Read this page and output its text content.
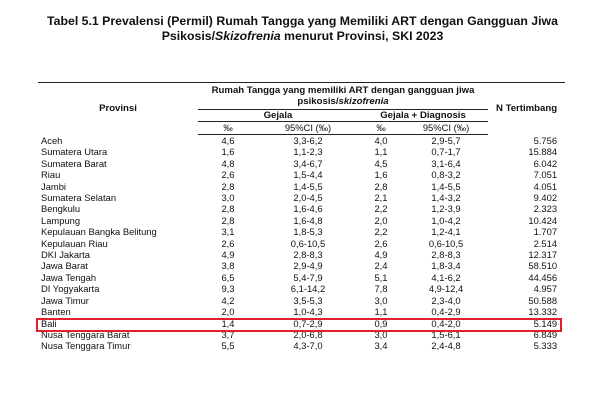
Tabel 5.1 Prevalensi (Permil) Rumah Tangga yang Memiliki ART dengan Gangguan Jiwa
Psikosis/Skizofrenia menurut Provinsi, SKI 2023
Provinsi	Rumah Tangga yang memiliki ART dengan gangguan jiwa
psikosis/skizofrenia				N Tertimbang
	Gejala		Gejala + Diagnosis		
	‰	95%CI (‰)	‰	95%CI (‰)	
Aceh	4,6	3,3-6,2	4,0	2,9-5,7	5.756
Sumatera Utara	1,6	1,1-2,3	1,1	0,7-1,7	15.884
Sumatera Barat	4,8	3,4-6,7	4,5	3,1-6,4	6.042
Riau	2,6	1,5-4,4	1,6	0,8-3,2	7.051
Jambi	2,8	1,4-5,5	2,8	1,4-5,5	4.051
Sumatera Selatan	3,0	2,0-4,5	2,1	1,4-3,2	9.402
Bengkulu	2,8	1,6-4,6	2,2	1,2-3,9	2.323
Lampung	2,8	1,6-4,8	2,0	1,0-4,2	10.424
Kepulauan Bangka Belitung	3,1	1,8-5,3	2,2	1,2-4,1	1.707
Kepulauan Riau	2,6	0,6-10,5	2,6	0,6-10,5	2.514
DKI Jakarta	4,9	2,8-8,3	4,9	2,8-8,3	12.317
Jawa Barat	3,8	2,9-4,9	2,4	1,8-3,4	58.510
Jawa Tengah	6,5	5,4-7,9	5,1	4,1-6,2	44.456
DI Yogyakarta	9,3	6,1-14,2	7,8	4,9-12,4	4.957
Jawa Timur	4,2	3,5-5,3	3,0	2,3-4,0	50.588
Banten	2,0	1,0-4,3	1,1	0,4-2,9	13.332
Bali	1,4	0,7-2,9	0,9	0,4-2,0	5.149
Nusa Tenggara Barat	3,7	2,0-6,8	3,0	1,5-6,1	6.849
Nusa Tenggara Timur	5,5	4,3-7,0	3,4	2,4-4,8	5.333
